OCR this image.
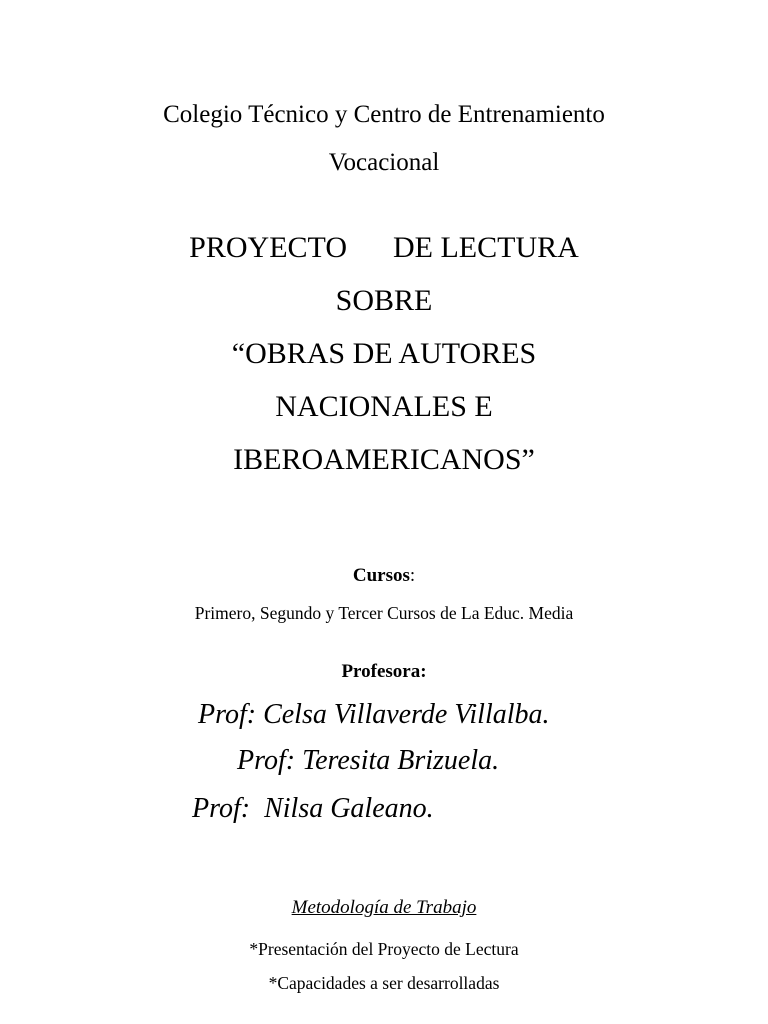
Colegio Técnico y Centro de Entrenamiento

Vocacional

PROYECTO DE LECTURA

SOBRE

“OBRAS DE AUTORES

NACIONALES E

IBEROAMERICANOS”

Cursos:

Primero, Segundo y Tercer Cursos de La Educ. Media

Profesora:

Prof: Celsa Villaverde Villalba.

Prof: Teresita Brizuela.

Prof: Nilsa Galeano.

Metodología de Trabajo

*Presentación del Proyecto de Lectura

*Capacidades a ser desarrolladas
